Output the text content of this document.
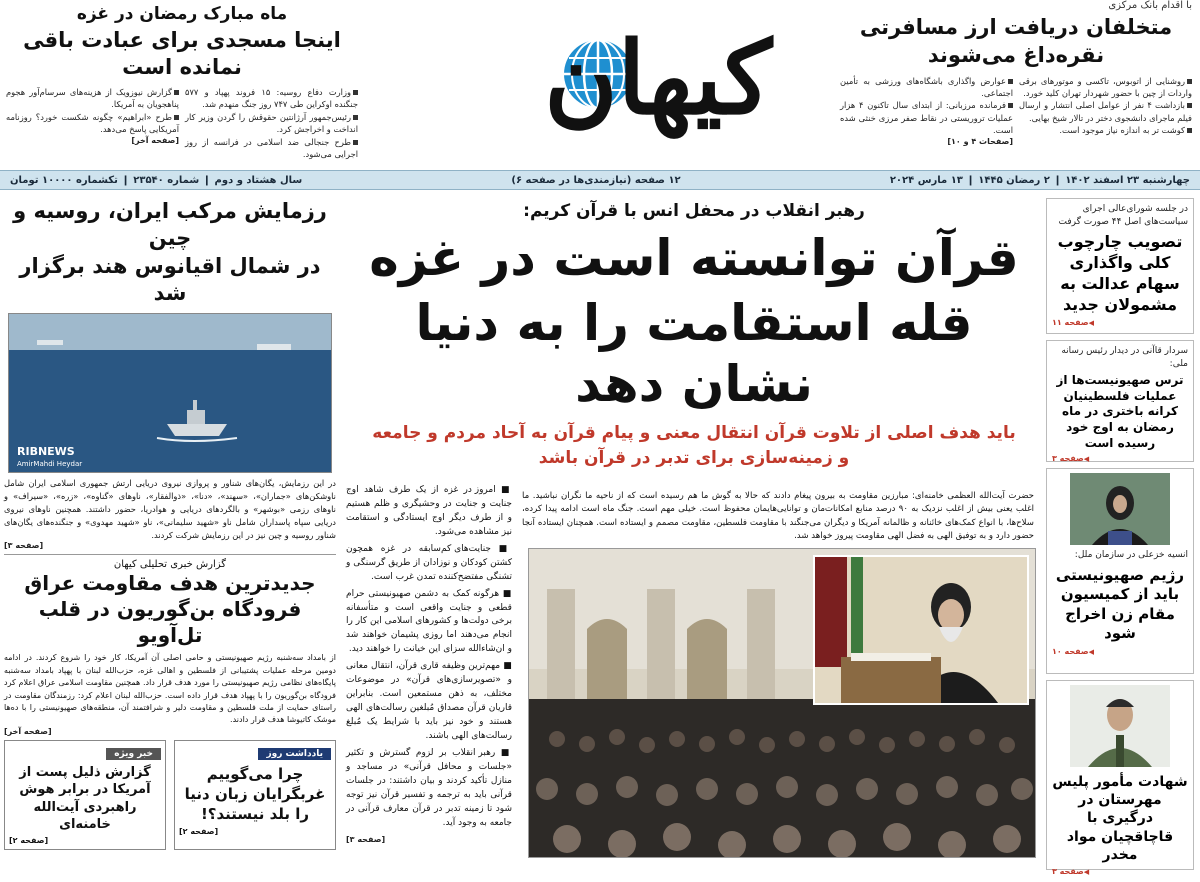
با اقدام بانک مرکزی
متخلفان دریافت ارز مسافرتی
نقره‌داغ می‌شوند
روشنایی از اتوبوس، تاکسی و موتورهای برقی واردات از چین با حضور شهردار تهران کلید خورد.
بازداشت ۴ نفر از عوامل اصلی انتشار و ارسال فیلم ماجرای دانشجوی دختر در تالار شیخ بهایی.
کوشت تر به اندازه نیاز موجود است.
عوارض واگذاری باشگاه‌های ورزشی به تأمین اجتماعی.
فرمانده مرزبانی: از ابتدای سال تاکنون ۴ هزار عملیات تروریستی در نقاط صفر مرزی خنثی شده است.
[صفحات ۴ و ۱۰]
کیهان
ماه مبارک رمضان در غزه
اینجا مسجدی برای عبادت باقی نمانده است
وزارت دفاع روسیه: ۱۵ فروند پهپاد و ۵۷۷ جنگنده اوکراین طی ۷۴۷ روز جنگ منهدم شد.
رئیس‌جمهور آرژانتین حقوقش را گردن وزیر کار انداخت و اخراجش کرد.
طرح جنجالی ضد اسلامی در فرانسه از روز اجرایی می‌شود.
گزارش نیوزویک از هزینه‌های سرسام‌آور هجوم پناهجویان به آمریکا.
طرح «ابراهیم» چگونه شکست خورد؟ روزنامه آمریکایی پاسخ می‌دهد.
[صفحه آخر]
چهارشنبه ۲۳ اسفند ۱۴۰۲ ❙ ۲ رمضان ۱۴۴۵ ❙ ۱۳ مارس ۲۰۲۴
۱۲ صفحه (نیازمندی‌ها در صفحه ۶)
سال هشتاد و دوم ❙ شماره ۲۳۵۴۰ ❙ تکشماره ۱۰۰۰۰ تومان
در جلسه شورای‌عالی اجرای سیاست‌های اصل ۴۴ صورت گرفت
تصویب چارچوب کلی واگذاری سهام عدالت به مشمولان جدید
◀ صفحه ۱۱
سردار قاآنی در دیدار رئیس رسانه ملی:
ترس صهیونیست‌ها از عملیات فلسطینیان کرانه باختری در ماه رمضان به اوج خود رسیده است
◀ صفحه ۳
انسیه خزعلی در سازمان ملل:
رژیم صهیونیستی باید از کمیسیون مقام زن اخراج شود
◀ صفحه ۱۰
شهادت مأمور پلیس مهرستان در درگیری با قاچاقچیان مواد مخدر
◀ صفحه ۳
رهبر انقلاب در محفل انس با قرآن کریم:
قرآن توانسته است در غزه
قله استقامت را به دنیا نشان دهد
باید هدف اصلی از تلاوت قرآن انتقال معنی و پیام قرآن به آحاد مردم و جامعه
و زمینه‌سازی برای تدبر در قرآن باشد
حضرت آیت‌الله العظمی خامنه‌ای: مبارزین مقاومت به بیرون پیغام دادند که حالا به گوش ما هم رسیده است که از ناحیه ما نگران نباشید. ما اغلب یعنی بیش از اغلب نزدیک به ۹۰ درصد منابع امکانات‌مان و توانایی‌هایمان محفوظ است. خیلی مهم است. جنگ ماه است ادامه پیدا کرده، سلاح‌ها، با انواع کمک‌های خائنانه و ظالمانه آمریکا و دیگران می‌جنگند با مقاومت فلسطین، مقاومت مصمم و ایستاده است. همچنان ایستاده آنجا حضور دارد و به توفیق الهی به فضل الهی مقاومت پیروز خواهد شد.
■ امروز در غزه از یک طرف شاهد اوج جنایت و جنایت در وحشیگری و ظلم هستیم و از طرف دیگر اوج ایستادگی و استقامت نیز مشاهده می‌شود.
■ جنایت‌های کم‌سابقه در غزه همچون کشتن کودکان و نوزادان از طریق گرسنگی و تشنگی مفتضح‌کننده تمدن غرب است.
■ هرگونه کمک به دشمن صهیونیستی حرام قطعی و جنایت واقعی است و متأسفانه برخی دولت‌ها و کشورهای اسلامی این کار را انجام می‌دهند اما روزی پشیمان خواهند شد و ان‌شاءالله سزای این خیانت را خواهند دید.
■ مهم‌ترین وظیفه قاری قرآن، انتقال معانی و «تصویرسازی‌های قرآن» در موضوعات مختلف، به ذهن مستمعین است. بنابراین قاریان قرآن مصداق مُبلغین رسالت‌های الهی هستند و خود نیز باید با شرایط یک مُبلغ رسالت‌های الهی باشند.
■ رهبر انقلاب بر لزوم گسترش و تکثیر «جلسات و محافل قرآنی» در مساجد و منازل تأکید کردند و بیان داشتند: در جلسات قرآنی باید به ترجمه و تفسیر قرآن نیز توجه شود تا زمینه تدبر در قرآن معارف قرآنی در جامعه به وجود آید.
[صفحه ۳]
رزمایش مرکب ایران، روسیه و چین
در شمال اقیانوس هند برگزار شد
RIBNEWS
AmirMahdi Heydar
در این رزمایش، یگان‌های شناور و پروازی نیروی دریایی ارتش جمهوری اسلامی ایران شامل ناوشکن‌های «جماران»، «سهند»، «دنا»، «ذوالفقار»، ناوهای «گناوه»، «زره»، «سیراف» و ناوهای رزمی «بوشهر» و بالگردهای دریایی و هوادریا، حضور داشتند. همچنین ناوهای نیروی دریایی سپاه پاسداران شامل ناو «شهید سلیمانی»، ناو «شهید مهدوی» و جنگنده‌های یگان‌های شناور روسیه و چین نیز در این رزمایش شرکت کردند.
[صفحه ۳]
گزارش خبری تحلیلی کیهان
جدیدترین هدف مقاومت عراق
فرودگاه بن‌گوریون در قلب تل‌آویو
از بامداد سه‌شنبه رژیم صهیونیستی و حامی اصلی آن آمریکا، کار خود را شروع کردند. در ادامه دومین مرحله عملیات پشتیبانی از فلسطین و اهالی غزه، حزب‌الله لبنان با پهپاد بامداد سه‌شنبه پایگاه‌های نظامی رژیم صهیونیستی را مورد هدف قرار داد. همچنین مقاومت اسلامی عراق اعلام کرد فرودگاه بن‌گوریون را با پهپاد هدف قرار داده است. حزب‌الله لبنان اعلام کرد: رزمندگان مقاومت در راستای حمایت از ملت فلسطین و مقاومت دلیر و شرافتمند آن، منطقه‌های صهیونیستی را با ده‌ها موشک کاتیوشا هدف قرار دادند.
[صفحه آخر]
یادداشت روز
چرا می‌گوییم غربگرایان زبان دنیا را بلد نیستند؟!
[صفحه ۲]
خبر ویژه
گزارش ذلیل پست از آمریکا در برابر هوش راهبردی آیت‌الله خامنه‌ای
[صفحه ۲]
